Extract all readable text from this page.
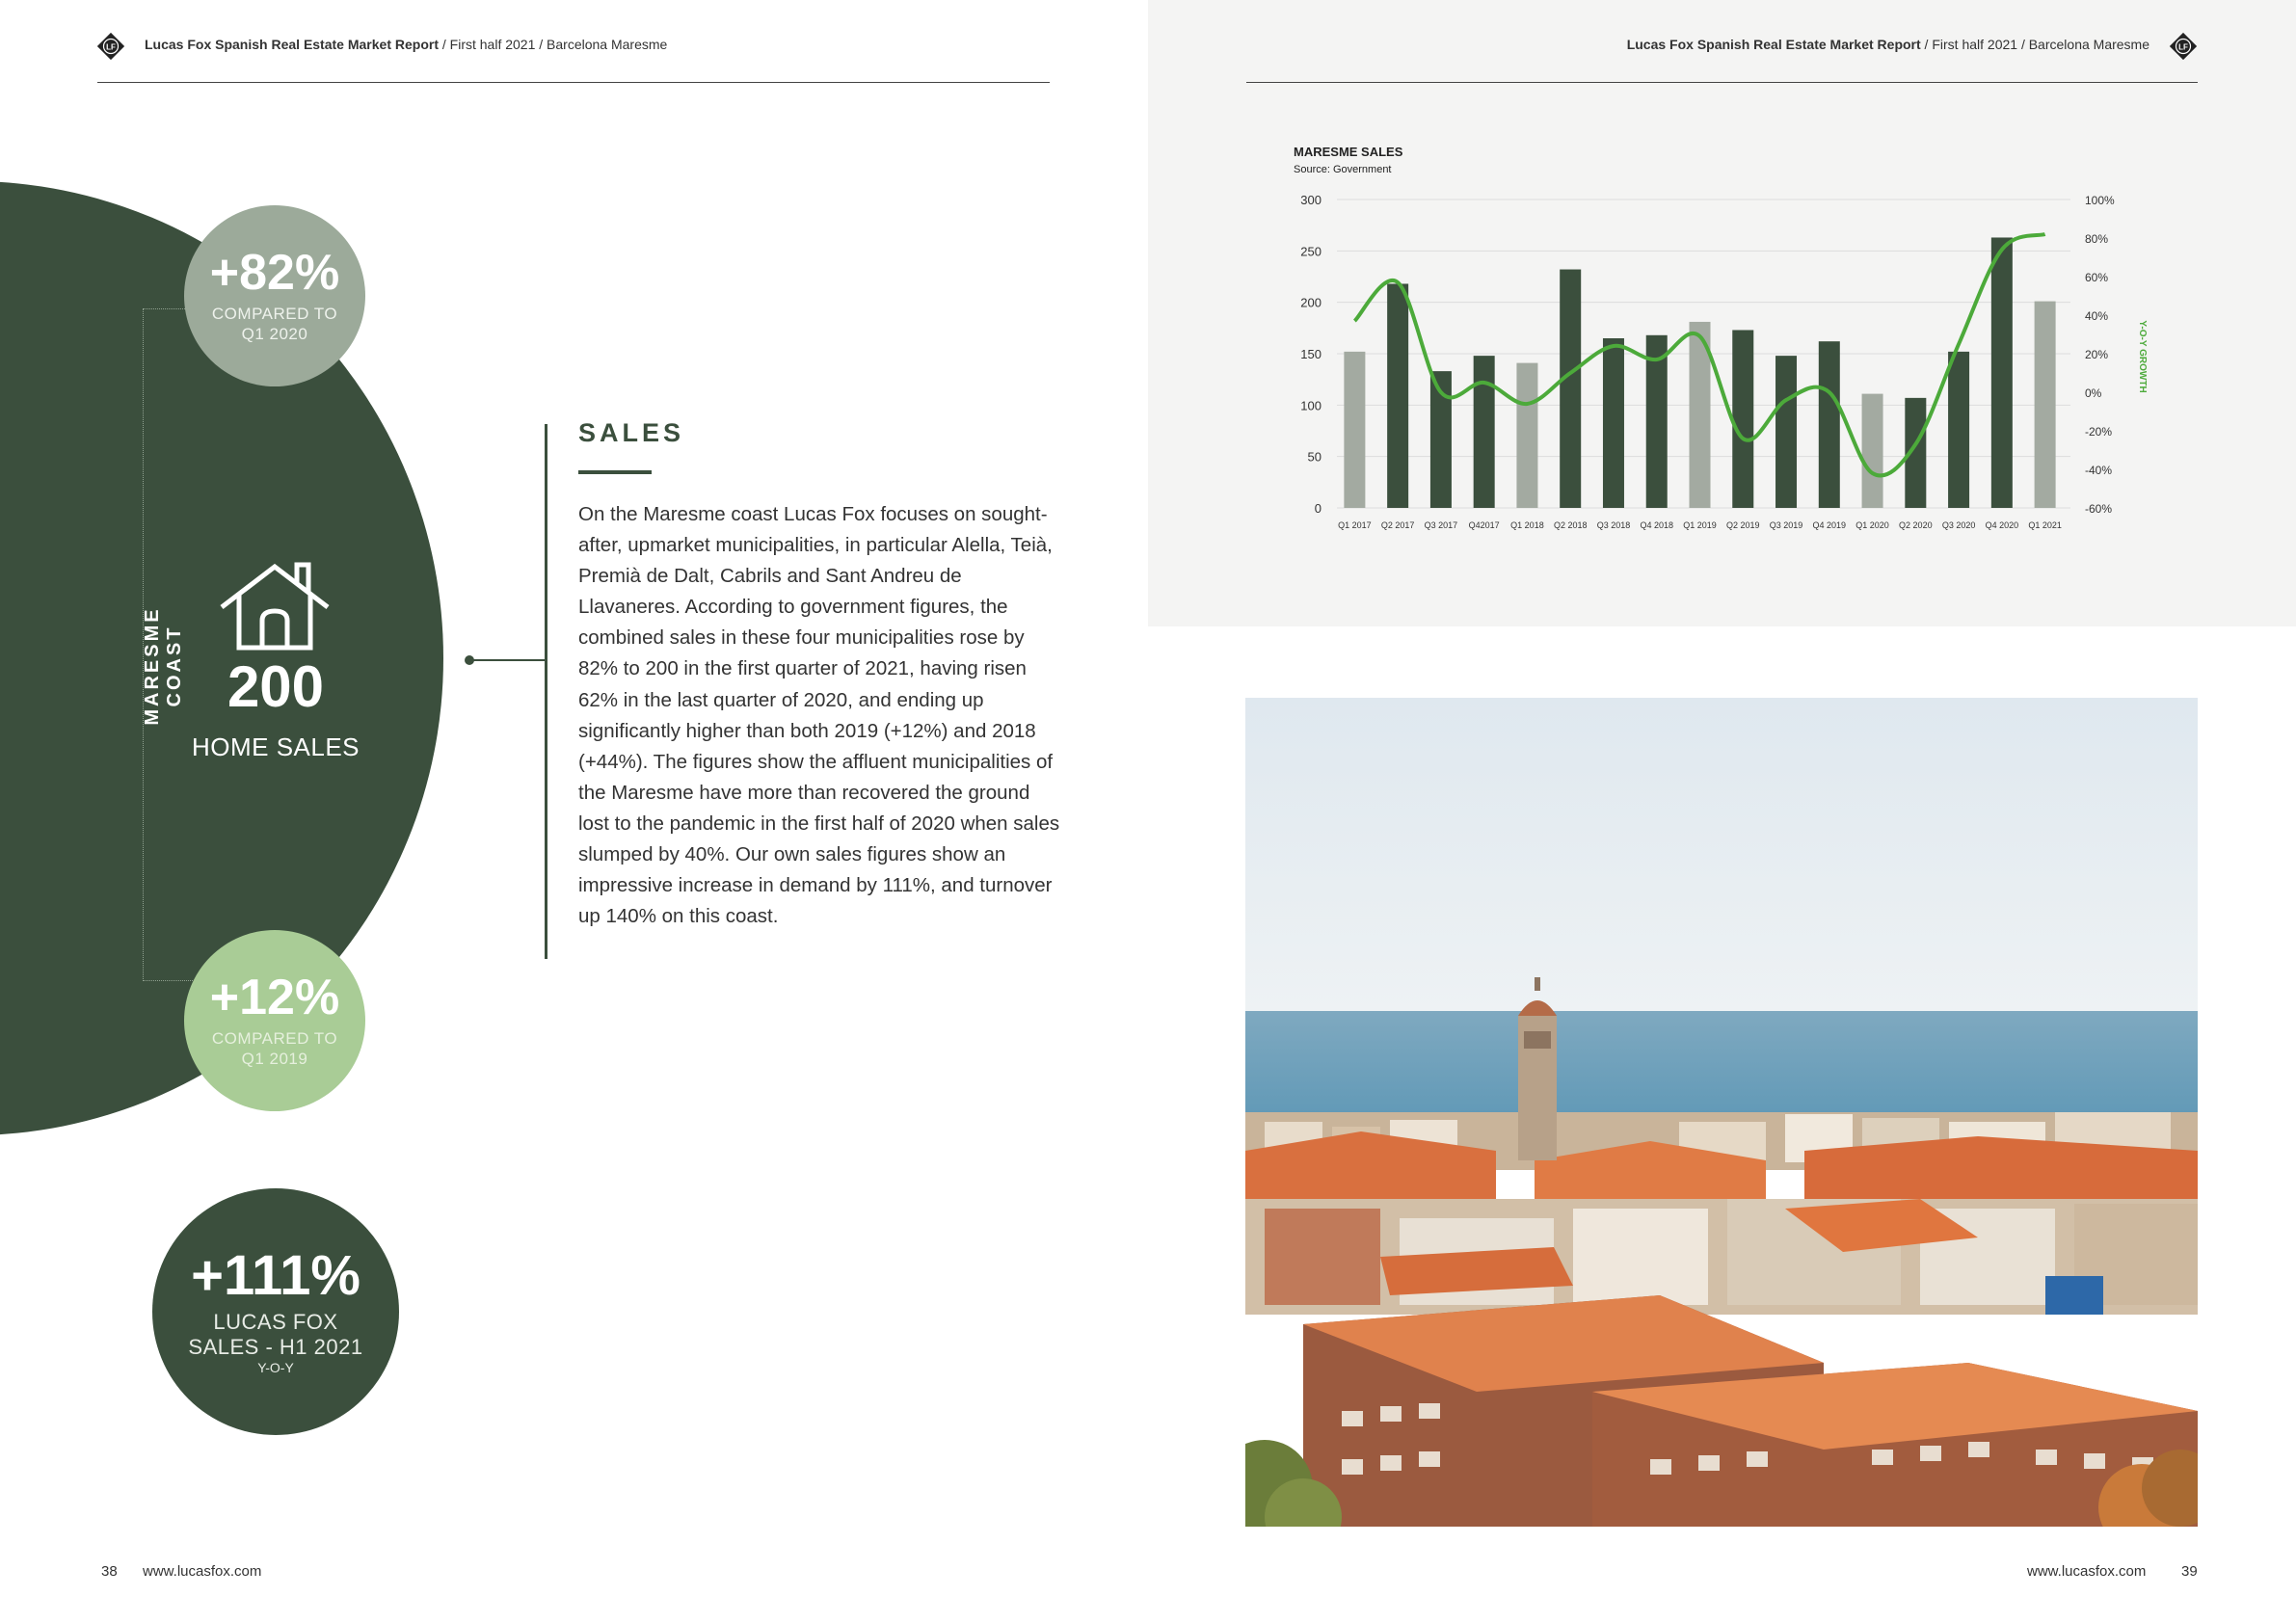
LF Lucas Fox Spanish Real Estate Market Report / First half 2021 / Barcelona Maresme
MARESME COAST
+82%
COMPARED TO
Q1 2020
200
HOME SALES
+12%
COMPARED TO
Q1 2019
+111%
LUCAS FOX
SALES - H1 2021
Y-O-Y
SALES
On the Maresme coast Lucas Fox focuses on sought-after, upmarket municipalities, in particular Alella, Teià, Premià de Dalt, Cabrils and Sant Andreu de Llavaneres. According to government figures, the combined sales in these four municipalities rose by 82% to 200 in the first quarter of 2021, having risen 62% in the last quarter of 2020, and ending up significantly higher than both 2019 (+12%) and 2018 (+44%). The figures show the affluent municipalities of the Maresme have more than recovered the ground lost to the pandemic in the first half of 2020 when sales slumped by 40%. Our own sales figures show an impressive increase in demand by 111%, and turnover up 140% on this coast.
38 www.lucasfox.com
Lucas Fox Spanish Real Estate Market Report / First half 2021 / Barcelona Maresme	LF
MARESME SALES
Source: Government
0
50
100
150
200
250
300
-60%
-40%
-20%
0%
20%
40%
60%
80%
100%
Y-O-Y GROWTH
Q1 2017 Q2 2017 Q3 2017 Q42017 Q1 2018 Q2 2018 Q3 2018 Q4 2018 Q1 2019 Q2 2019 Q3 2019 Q4 2019 Q1 2020 Q2 2020 Q3 2020 Q4 2020 Q1 2021
www.lucasfox.com 39
